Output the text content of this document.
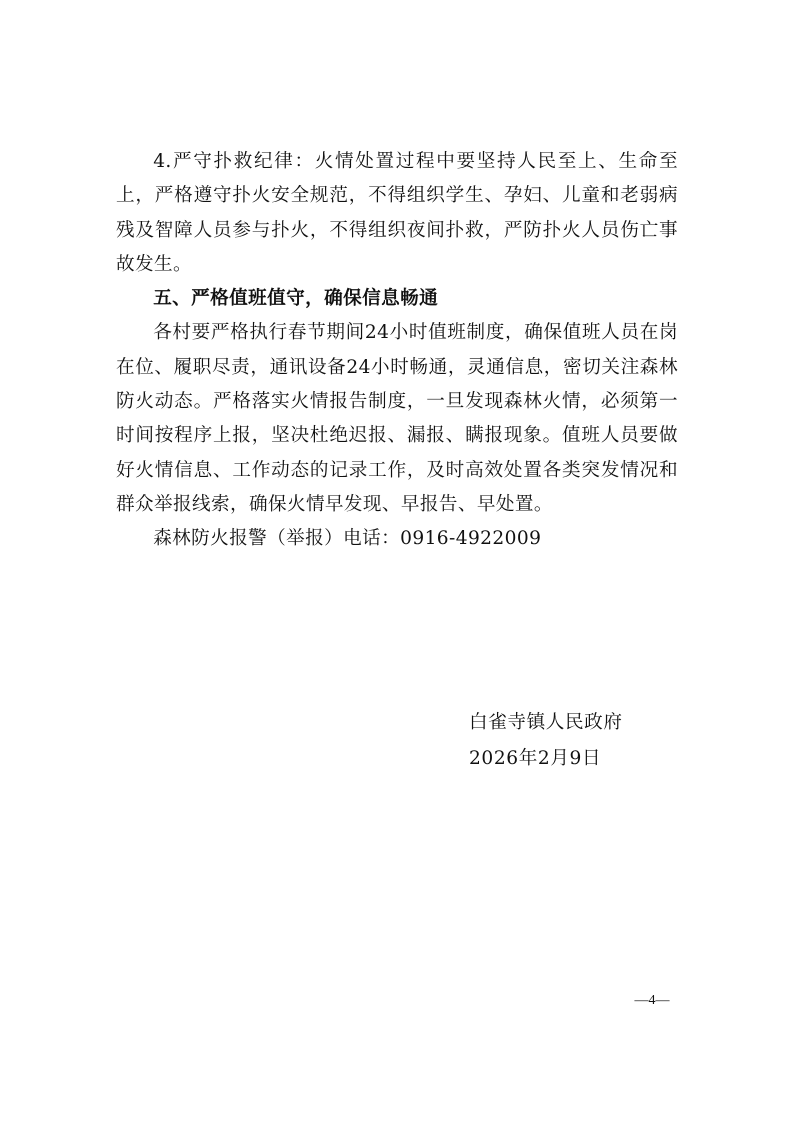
4.严守扑救纪律：火情处置过程中要坚持人民至上、生命至上，严格遵守扑火安全规范，不得组织学生、孕妇、儿童和老弱病残及智障人员参与扑火，不得组织夜间扑救，严防扑火人员伤亡事故发生。

五、严格值班值守，确保信息畅通

各村要严格执行春节期间24小时值班制度，确保值班人员在岗在位、履职尽责，通讯设备24小时畅通，灵通信息，密切关注森林防火动态。严格落实火情报告制度，一旦发现森林火情，必须第一时间按程序上报，坚决杜绝迟报、漏报、瞒报现象。值班人员要做好火情信息、工作动态的记录工作，及时高效处置各类突发情况和群众举报线索，确保火情早发现、早报告、早处置。

森林防火报警（举报）电话：0916-4922009

白雀寺镇人民政府
2026年2月9日
—4—
